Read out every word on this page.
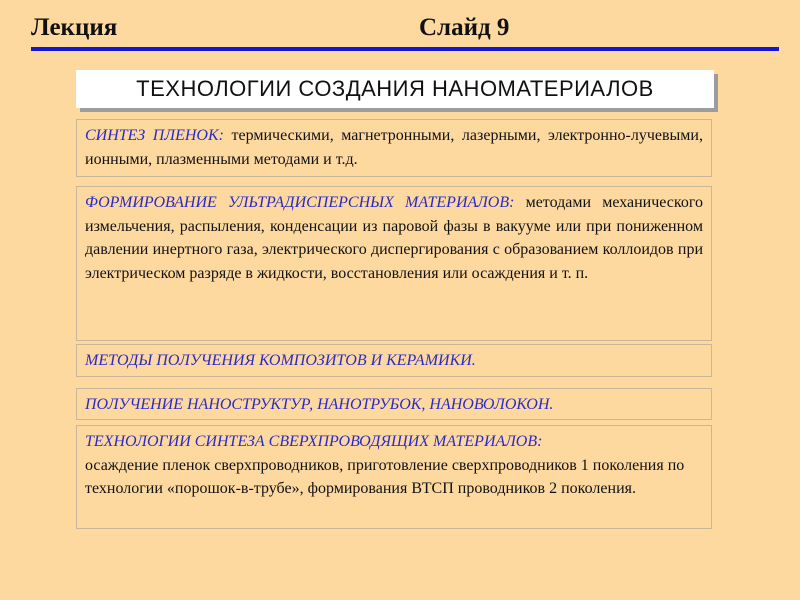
Лекция	Слайд 9
ТЕХНОЛОГИИ СОЗДАНИЯ НАНОМАТЕРИАЛОВ
СИНТЕЗ ПЛЕНОК: термическими, магнетронными, лазерными, электронно-лучевыми, ионными, плазменными методами и т.д.
ФОРМИРОВАНИЕ УЛЬТРАДИСПЕРСНЫХ МАТЕРИАЛОВ: методами механического измельчения, распыления, конденсации из паровой фазы в вакууме или при пониженном давлении инертного газа, электрического диспергирования с образованием коллоидов при электрическом разряде в жидкости, восстановления или осаждения и т. п.
МЕТОДЫ ПОЛУЧЕНИЯ КОМПОЗИТОВ И КЕРАМИКИ.
ПОЛУЧЕНИЕ НАНОСТРУКТУР, НАНОТРУБОК, НАНОВОЛОКОН.
ТЕХНОЛОГИИ СИНТЕЗА СВЕРХПРОВОДЯЩИХ МАТЕРИАЛОВ:
осаждение пленок сверхпроводников, приготовление сверхпроводников 1 поколения по технологии «порошок-в-трубе», формирования ВТСП проводников 2 поколения.
